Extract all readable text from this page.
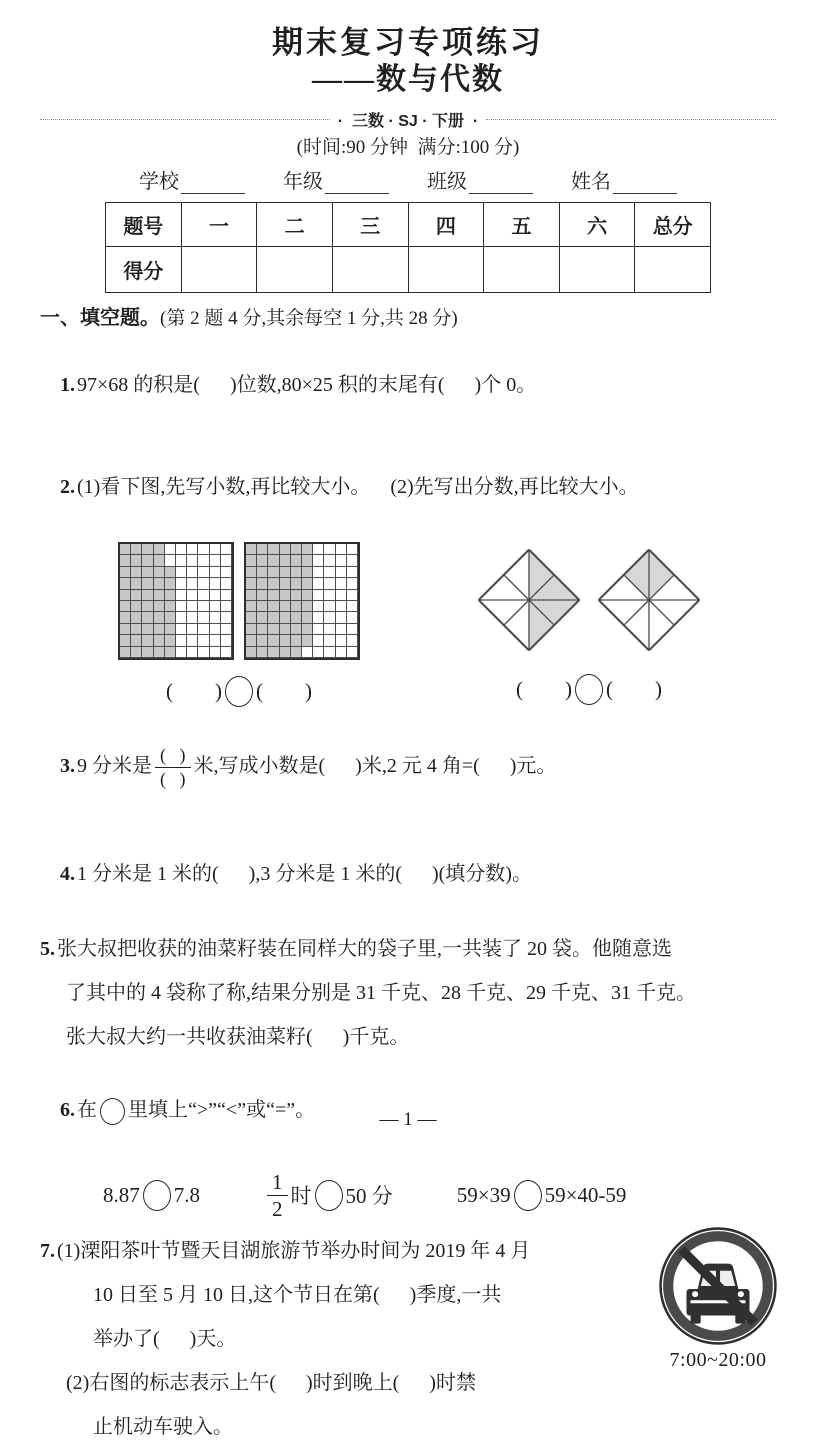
期末复习专项练习
——数与代数
·  三数 · SJ · 下册  ·
(时间:90 分钟  满分:100 分)
学校	年级	班级	姓名
题号	一	二	三	四	五	六	总分
得分							
一、填空题。(第 2 题 4 分,其余每空 1 分,共 28 分)

1. 97×68 的积是(      )位数,80×25 积的末尾有(      )个 0。

2. (1)看下图,先写小数,再比较大小。    (2)先写出分数,再比较大小。

(        ) (        )	(        ) (        )

3. 9 分米是 $\frac{( )}{( )}$ 米,写成小数是(      )米,2 元 4 角=(      )元。

4. 1 分米是 1 米的(      ),3 分米是 1 米的(      )(填分数)。

5. 张大叔把收获的油菜籽装在同样大的袋子里,一共装了 20 袋。他随意选
了其中的 4 袋称了称,结果分别是 31 千克、28 千克、29 千克、31 千克。
张大叔大约一共收获油菜籽(      )千克。

6. 在 里填上“>”“<”或“=”。

8.87 7.8	$\frac{1}{2}$ 时 50 分	59×39 59×40-59
7. (1)溧阳茶叶节暨天目湖旅游节举办时间为 2019 年 4 月
10 日至 5 月 10 日,这个节日在第(      )季度,一共
举办了(      )天。
(2)右图的标志表示上午(      )时到晚上(      )时禁
止机动车驶入。
7:00~20:00
— 1 —
